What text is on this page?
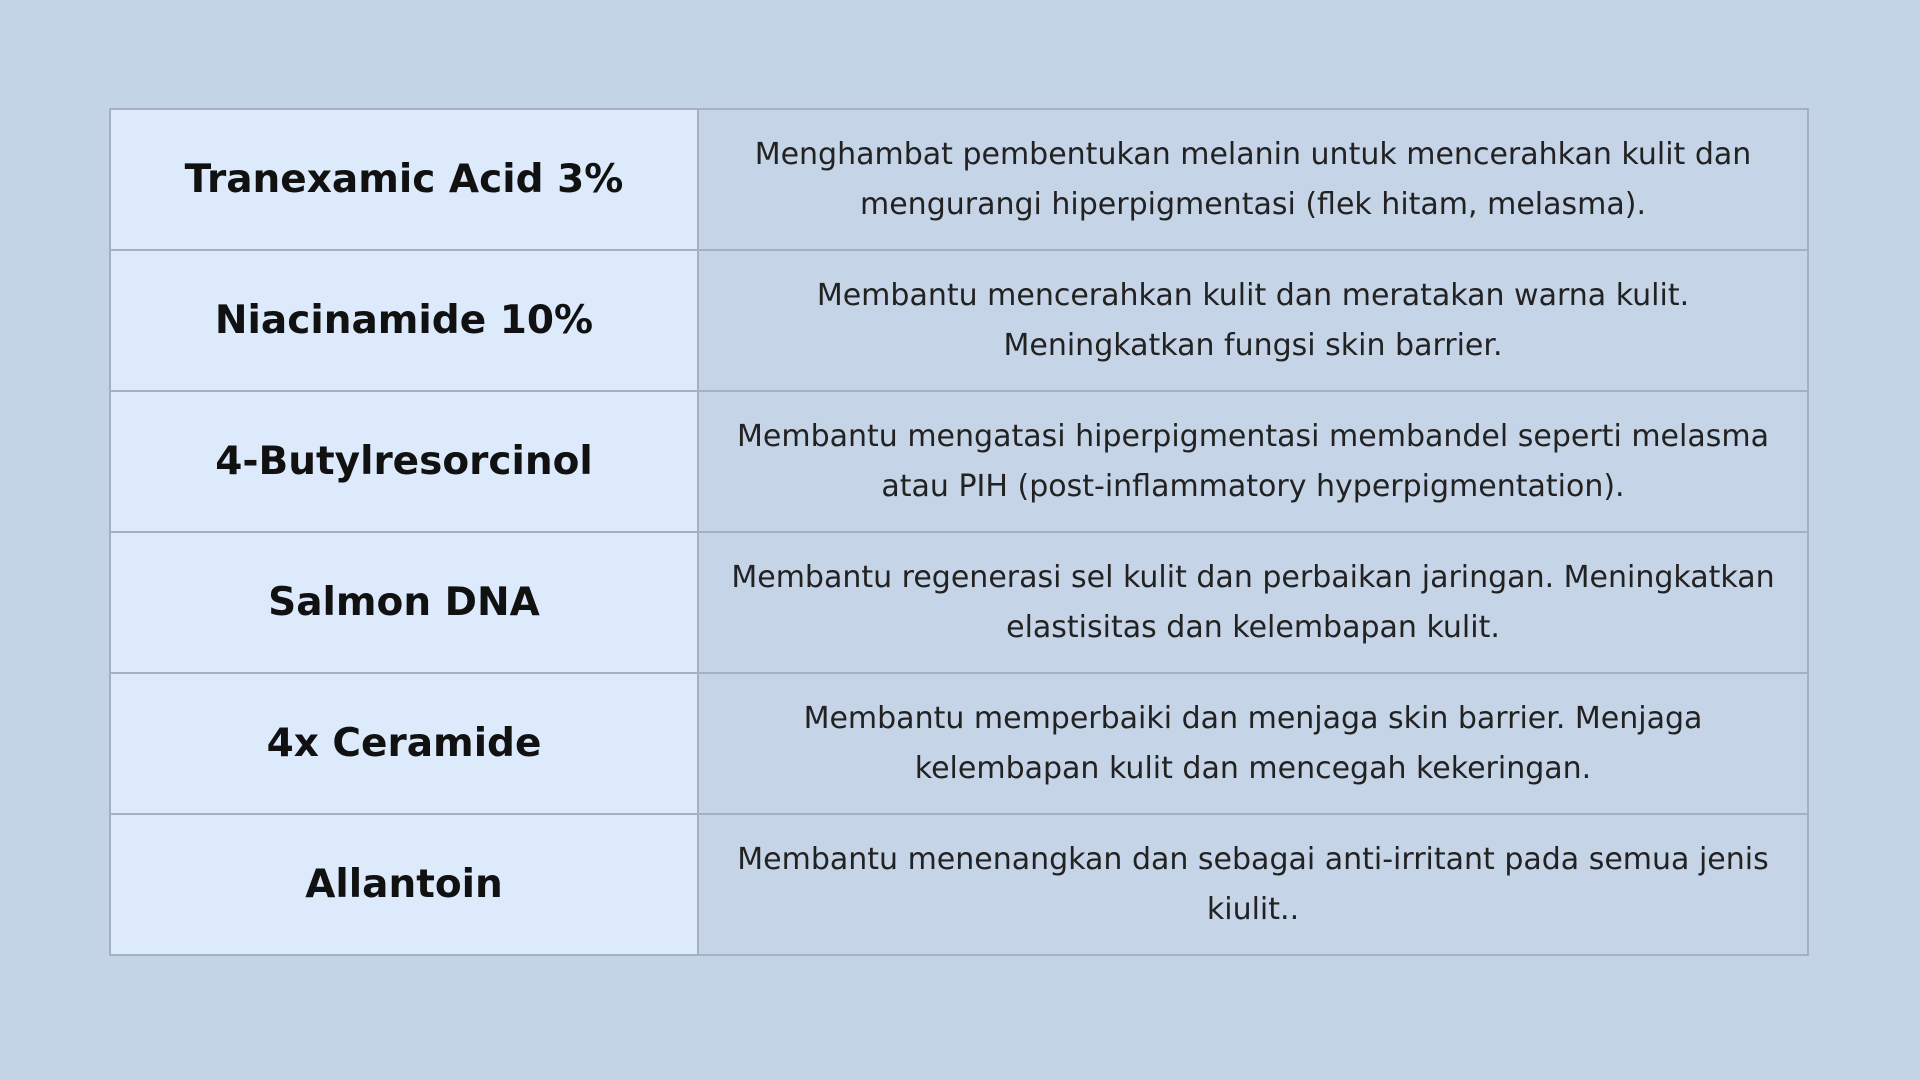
Tranexamic Acid 3%	Menghambat pembentukan melanin untuk mencerahkan kulit dan
mengurangi hiperpigmentasi (flek hitam, melasma).

Niacinamide 10%	Membantu mencerahkan kulit dan meratakan warna kulit.
Meningkatkan fungsi skin barrier.

4-Butylresorcinol	Membantu mengatasi hiperpigmentasi membandel seperti melasma
atau PIH (post-inflammatory hyperpigmentation).

Salmon DNA	Membantu regenerasi sel kulit dan perbaikan jaringan. Meningkatkan
elastisitas dan kelembapan kulit.

4x Ceramide	Membantu memperbaiki dan menjaga skin barrier. Menjaga
kelembapan kulit dan mencegah kekeringan.

Allantoin	Membantu menenangkan dan sebagai anti-irritant pada semua jenis
kiulit..
